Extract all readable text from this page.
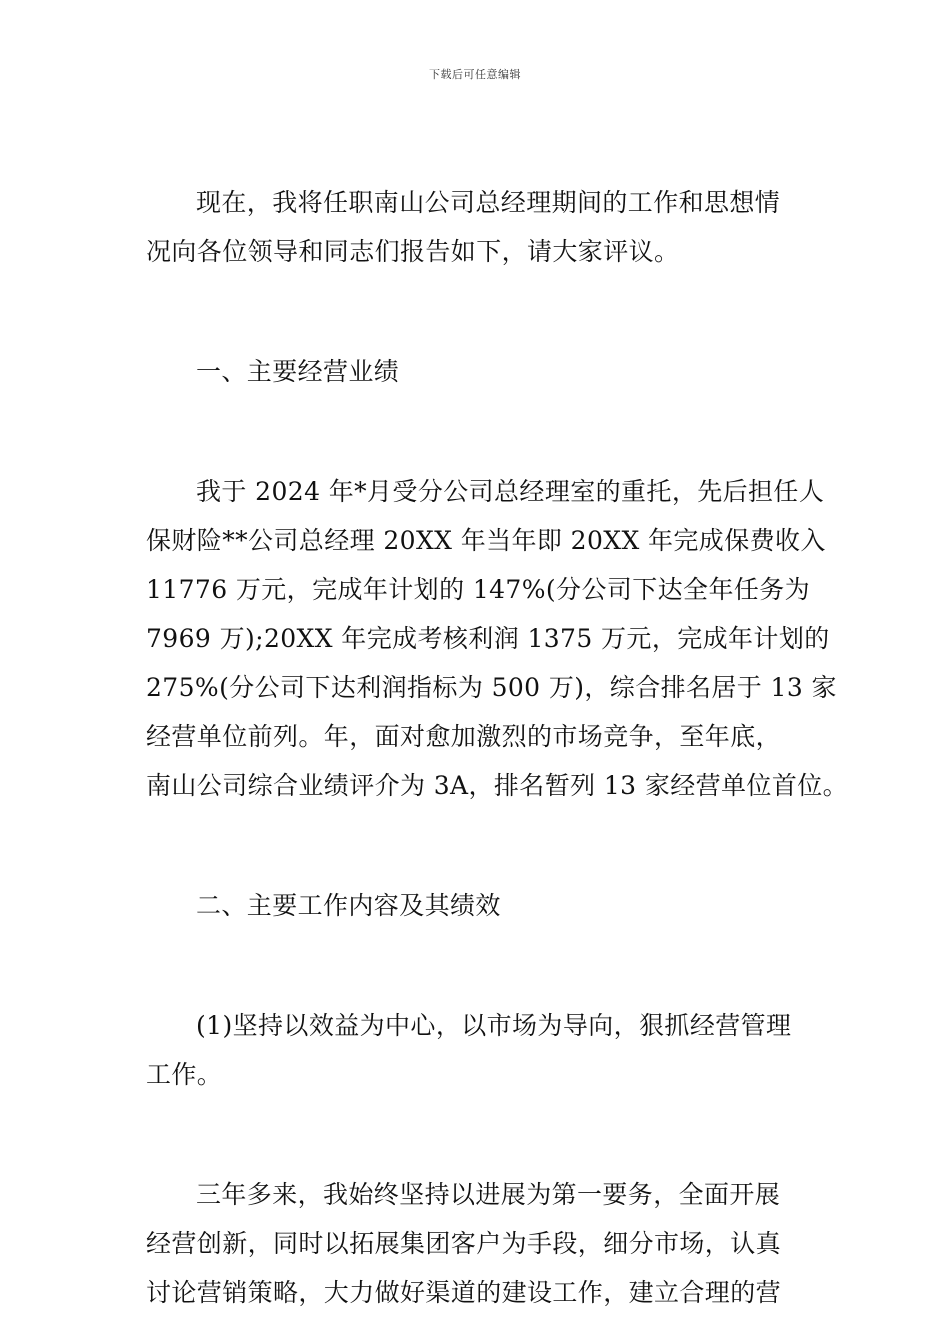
下载后可任意编辑
现在，我将任职南山公司总经理期间的工作和思想情
况向各位领导和同志们报告如下，请大家评议。
一、主要经营业绩
我于 2024 年*月受分公司总经理室的重托，先后担任人
保财险**公司总经理 20XX 年当年即 20XX 年完成保费收入
11776 万元，完成年计划的 147%(分公司下达全年任务为
7969 万);20XX 年完成考核利润 1375 万元，完成年计划的
275%(分公司下达利润指标为 500 万)，综合排名居于 13 家
经营单位前列。年，面对愈加激烈的市场竞争，至年底，
南山公司综合业绩评介为 3A，排名暂列 13 家经营单位首位。
二、主要工作内容及其绩效
(1)坚持以效益为中心，以市场为导向，狠抓经营管理
工作。
三年多来，我始终坚持以进展为第一要务，全面开展
经营创新，同时以拓展集团客户为手段，细分市场，认真
讨论营销策略，大力做好渠道的建设工作，建立合理的营
